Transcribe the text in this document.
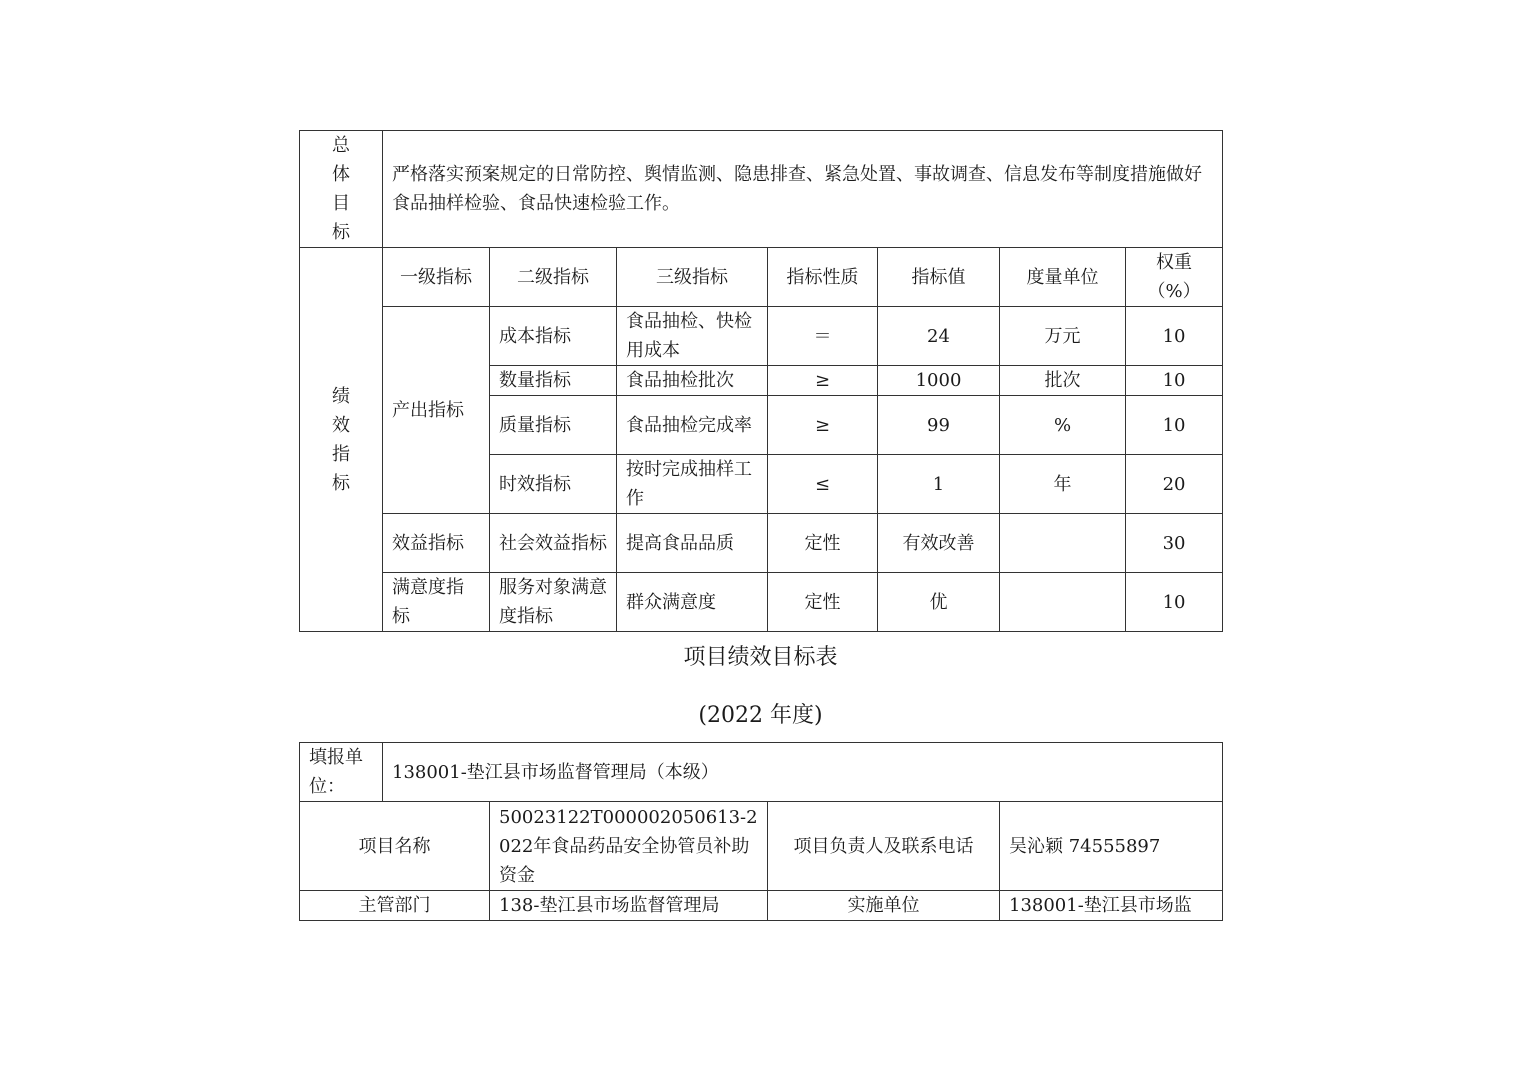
总
体
目
标	严格落实预案规定的日常防控、舆情监测、隐患排查、紧急处置、事故调查、信息发布等制度措施做好食品抽样检验、食品快速检验工作。						

绩
效
指
标	一级指标	二级指标	三级指标	指标性质	指标值	度量单位	权重（%）
	产出指标	成本指标	食品抽检、快检用成本	＝	24	万元	10
		数量指标	食品抽检批次	≥	1000	批次	10
		质量指标	食品抽检完成率	≥	99	%	10
		时效指标	按时完成抽样工作	≤	1	年	20
	效益指标	社会效益指标	提高食品品质	定性	有效改善		30
	满意度指标	服务对象满意度指标	群众满意度	定性	优		10
项目绩效目标表
(2022 年度)
填报单位：	138001-垫江县市场监督管理局（本级）			
项目名称		50023122T000002050613-2022年食品药品安全协管员补助资金	项目负责人及联系电话	吴沁颖 74555897
主管部门		138-垫江县市场监督管理局	实施单位	138001-垫江县市场监
